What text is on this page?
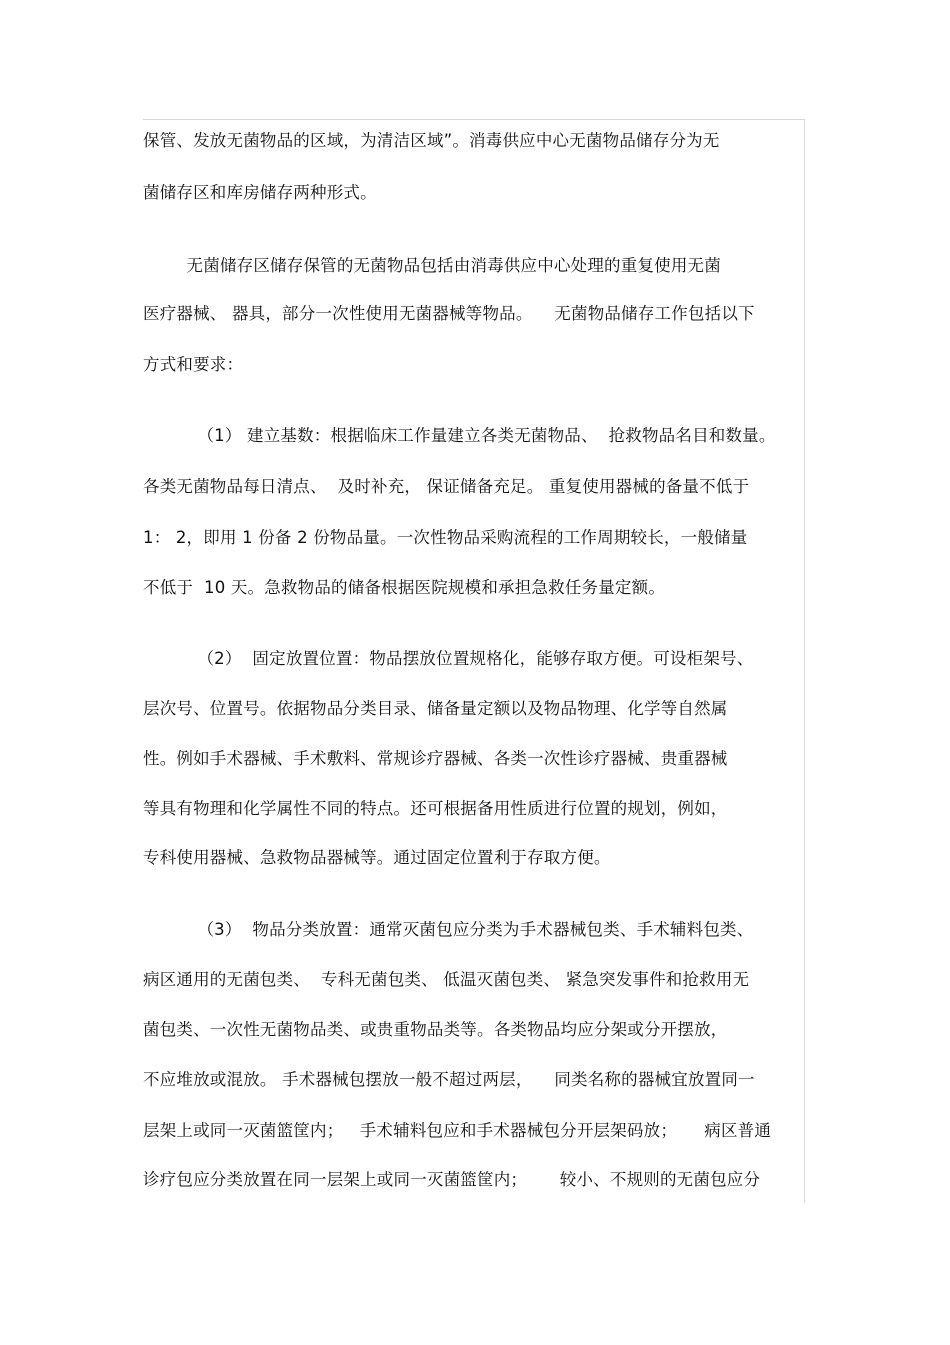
保管、发放无菌物品的区域，为清洁区域”。消毒供应中心无菌物品储存分为无
菌储存区和库房储存两种形式。
无菌储存区储存保管的无菌物品包括由消毒供应中心处理的重复使用无菌
医疗器械、 器具，部分一次性使用无菌器械等物品。    无菌物品储存工作包括以下
方式和要求：
（1） 建立基数：根据临床工作量建立各类无菌物品、  抢救物品名目和数量。
各类无菌物品每日清点、  及时补充， 保证储备充足。 重复使用器械的备量不低于
1： 2，即用 1 份备 2 份物品量。一次性物品采购流程的工作周期较长，一般储量
不低于  10 天。急救物品的储备根据医院规模和承担急救任务量定额。
（2）  固定放置位置：物品摆放位置规格化，能够存取方便。可设柜架号、
层次号、位置号。依据物品分类目录、储备量定额以及物品物理、化学等自然属
性。例如手术器械、手术敷料、常规诊疗器械、各类一次性诊疗器械、贵重器械
等具有物理和化学属性不同的特点。还可根据备用性质进行位置的规划，例如，
专科使用器械、急救物品器械等。通过固定位置利于存取方便。
（3）  物品分类放置：通常灭菌包应分类为手术器械包类、手术辅料包类、
病区通用的无菌包类、  专科无菌包类、 低温灭菌包类、 紧急突发事件和抢救用无
菌包类、一次性无菌物品类、或贵重物品类等。各类物品均应分架或分开摆放，
不应堆放或混放。 手术器械包摆放一般不超过两层，    同类名称的器械宜放置同一
层架上或同一灭菌篮筐内；   手术辅料包应和手术器械包分开层架码放；     病区普通
诊疗包应分类放置在同一层架上或同一灭菌篮筐内；      较小、不规则的无菌包应分
